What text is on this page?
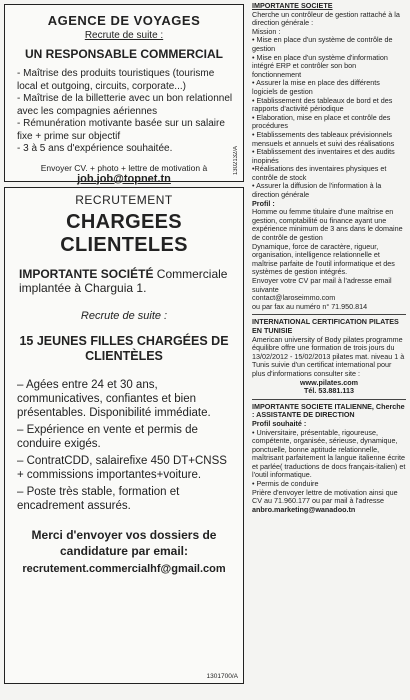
AGENCE DE VOYAGES
Recrute de suite :
UN RESPONSABLE COMMERCIAL
- Maîtrise des produits touristiques (tourisme local et outgoing, circuits, corporate...)
- Maîtrise de la billetterie avec un bon relationnel avec les compagnies aériennes
- Rémunération motivante basée sur un salaire fixe + prime sur objectif
- 3 à 5 ans d'expérience souhaitée.
Envoyer CV. + photo + lettre de motivation à
job.job@topnet.tn
1302132/A
RECRUTEMENT
CHARGEES CLIENTELES
IMPORTANTE SOCIÉTÉ Commerciale implantée à Charguia 1.
Recrute de suite :
15 JEUNES FILLES CHARGÉES DE CLIENTÈLES
– Agées entre 24 et 30 ans, communicatives, confiantes et bien présentables. Disponibilité immédiate.
– Expérience en vente et permis de conduire exigés.
– ContratCDD, salairefixe 450 DT+CNSS + commissions importantes+voiture.
– Poste très stable, formation et encadrement assurés.
Merci d'envoyer vos dossiers de candidature par email:
recrutement.commercialhf@gmail.com
1301700/A
IMPORTANTE SOCIETE
Cherche un contrôleur de gestion rattaché à la direction générale :
Mission :
• Mise en place d'un système de contrôle de gestion
• Mise en place d'un système d'information intégré ERP et contrôler son bon fonctionnement
• Assurer la mise en place des différents logiciels de gestion
• Etablissement des tableaux de bord et des rapports d'activité périodique
• Elaboration, mise en place et contrôle des procédures
• Etablissements des tableaux prévisionnels mensuels et annuels et suivi des réalisations
• Etablissement des inventaires et des audits inopinés
•Réalisations des inventaires physiques et contrôle de stock
• Assurer la diffusion de l'information à la direction générale
Profil :
Homme ou femme titulaire d'une maîtrise en gestion, comptabilité ou finance ayant une expérience minimum de 3 ans dans le domaine de contrôle de gestion
Dynamique, force de caractère, rigueur, organisation, intelligence relationnelle et maîtrise parfaite de l'outil informatique et des systèmes de gestion intégrés.
Envoyer votre CV par mail à l'adresse email suivante
contact@laroseimmo.com
ou par fax au numéro n° 71.950.814
INTERNATIONAL CERTIFICATION PILATES EN TUNISIE
American university of Body pilates programme équilibre offre une formation de trois jours du 13/02/2012 - 15/02/2013 pilates mat. niveau 1 à Tunis suivie d'un certificat international pour plus d'informations consulter site :
www.pilates.com
Tél. 53.881.113
IMPORTANTE SOCIETE ITALIENNE, Cherche : ASSISTANTE DE DIRECTION
Profil souhaité :
• Universitaire, présentable, rigoureuse, compétente, organisée, sérieuse, dynamique, ponctuelle, bonne aptitude relationnelle, maîtrisant parfaitement la langue italienne écrite et parlée( traductions de docs français-italien) et l'outil informatique.
• Permis de conduire
Prière d'envoyer lettre de motivation ainsi que CV au 71.960.177 ou par mail à l'adresse
anbro.marketing@wanadoo.tn
